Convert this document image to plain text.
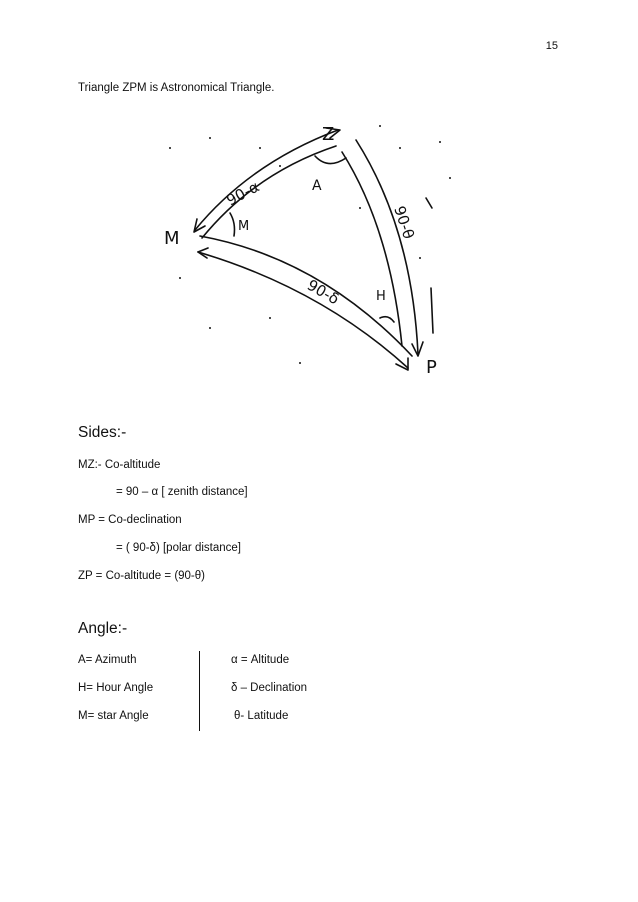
15
Triangle ZPM is Astronomical Triangle.
Z
M
P
A
M
H
90-α
90-θ
90-δ
Sides:-
MZ:- Co-altitude
= 90 – α [ zenith distance]
MP = Co-declination
= ( 90-δ) [polar distance]
ZP = Co-altitude = (90-θ)
Angle:-
A= Azimuth
H= Hour Angle
M= star Angle
α = Altitude
δ – Declination
θ- Latitude
